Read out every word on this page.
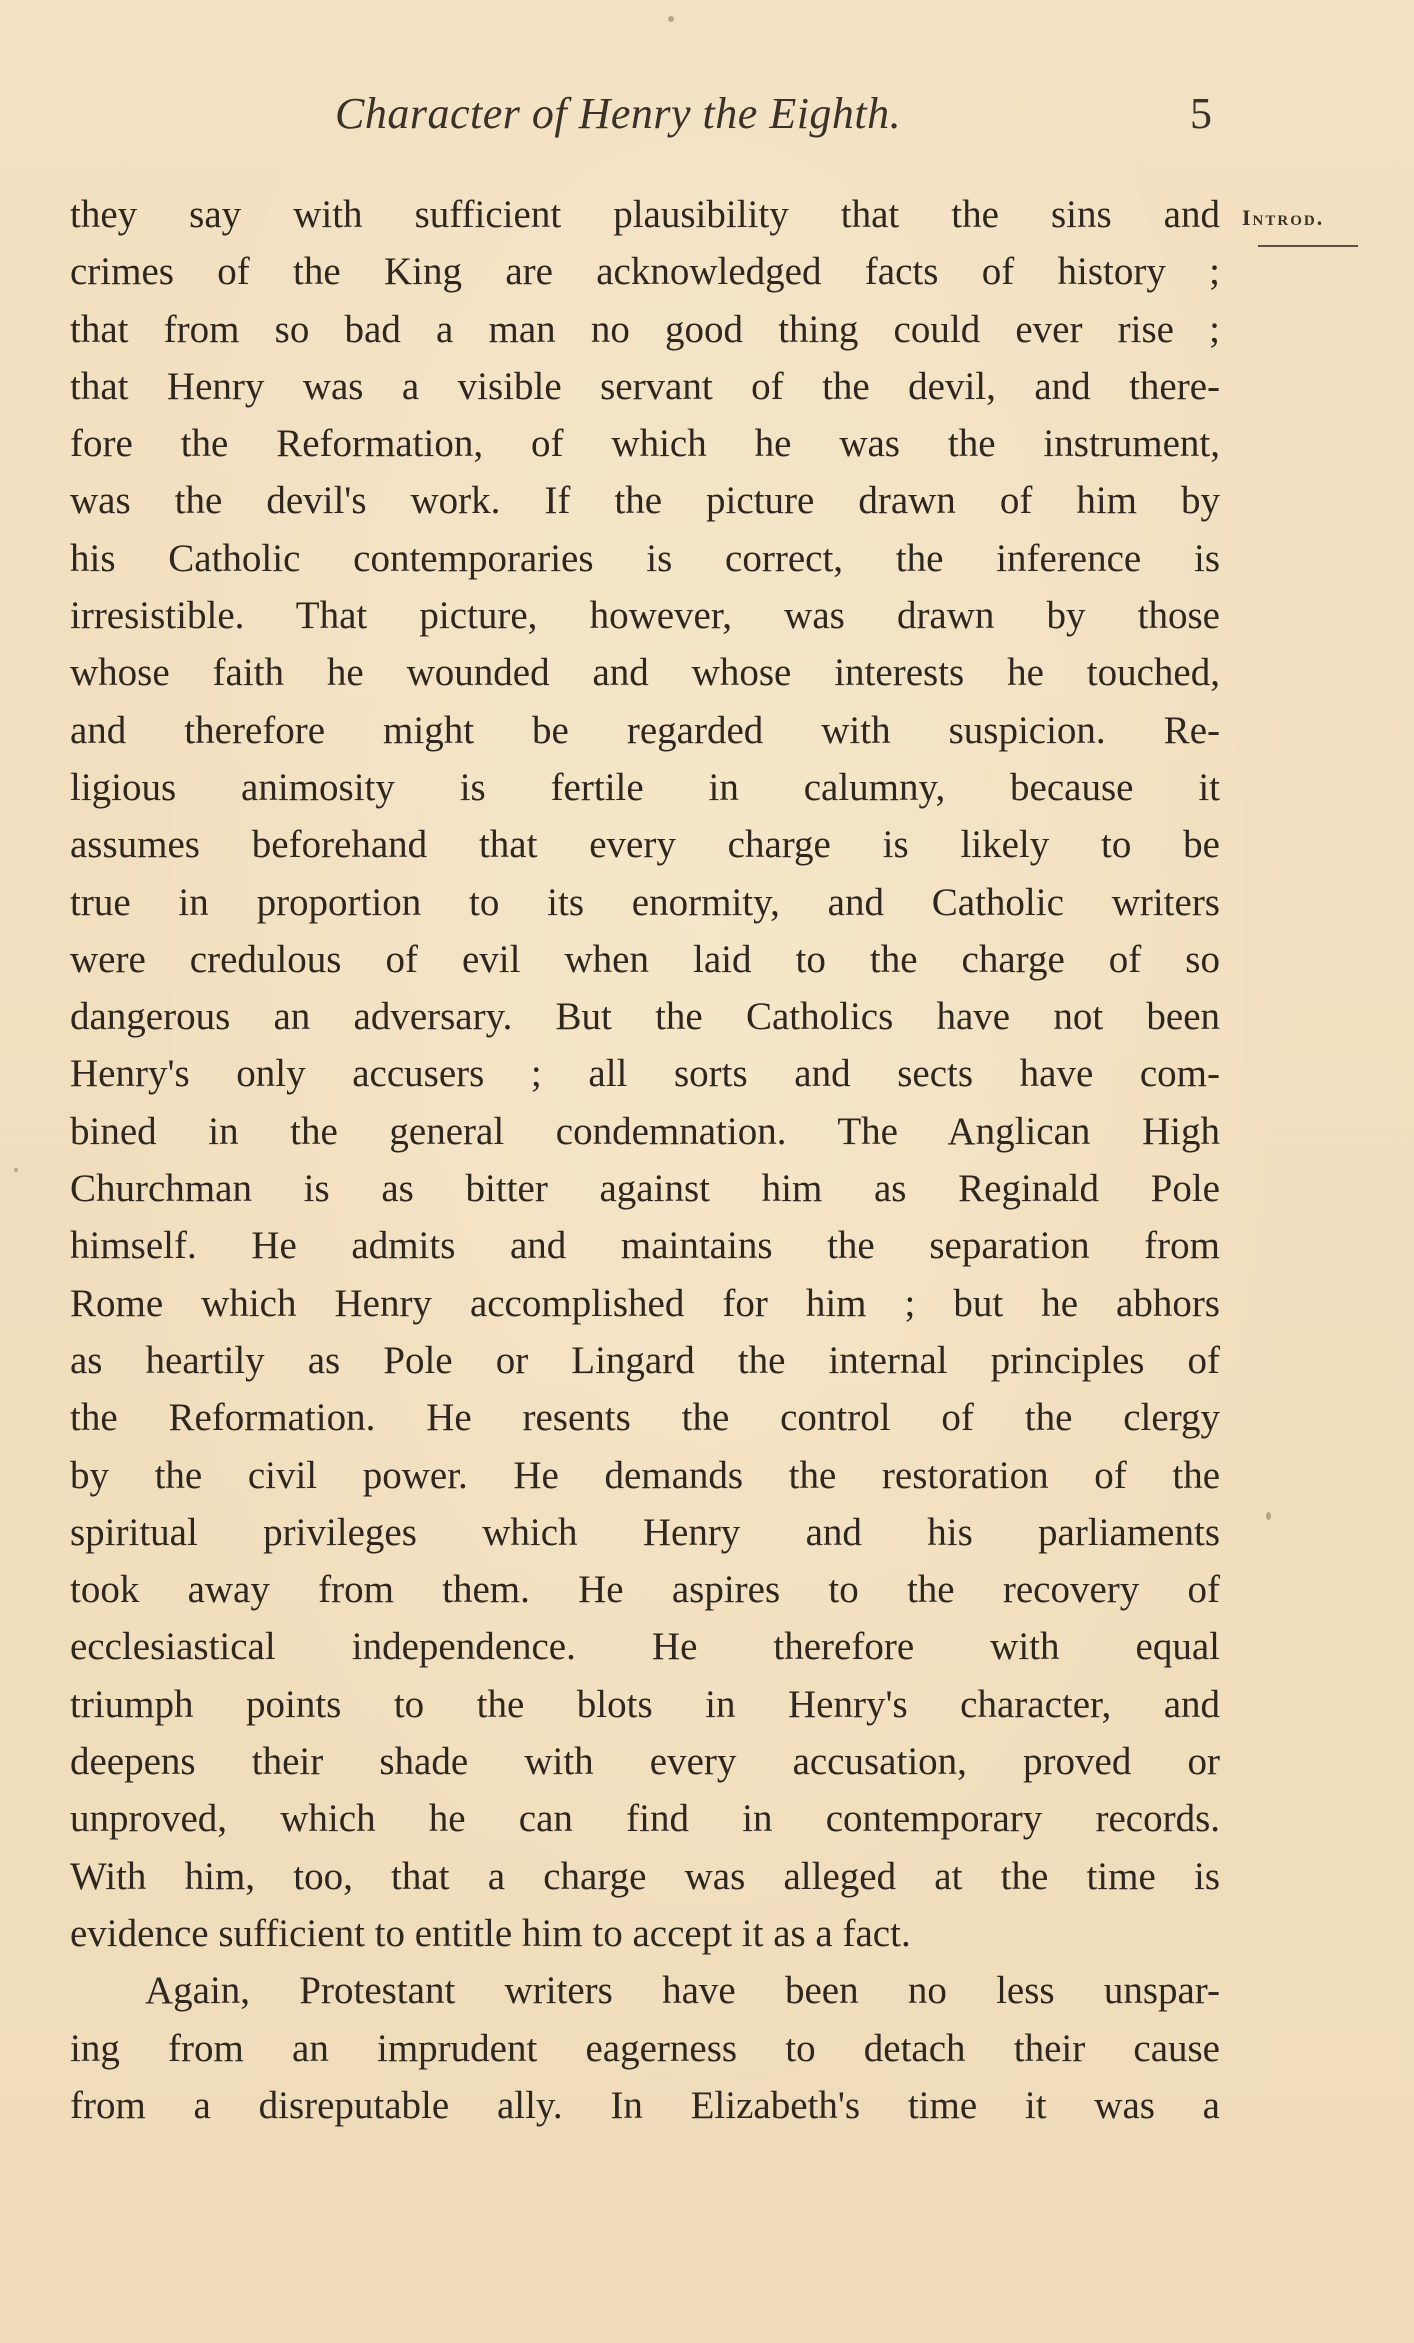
Character of Henry the Eighth.	5
Introd.
they say with sufficient plausibility that the sins and
crimes of the King are acknowledged facts of history ;
that from so bad a man no good thing could ever rise ;
that Henry was a visible servant of the devil, and there-
fore the Reformation, of which he was the instrument,
was the devil's work. If the picture drawn of him by
his Catholic contemporaries is correct, the inference is
irresistible. That picture, however, was drawn by those
whose faith he wounded and whose interests he touched,
and therefore might be regarded with suspicion. Re-
ligious animosity is fertile in calumny, because it
assumes beforehand that every charge is likely to be
true in proportion to its enormity, and Catholic writers
were credulous of evil when laid to the charge of so
dangerous an adversary. But the Catholics have not been
Henry's only accusers ; all sorts and sects have com-
bined in the general condemnation. The Anglican High
Churchman is as bitter against him as Reginald Pole
himself. He admits and maintains the separation from
Rome which Henry accomplished for him ; but he abhors
as heartily as Pole or Lingard the internal principles of
the Reformation. He resents the control of the clergy
by the civil power. He demands the restoration of the
spiritual privileges which Henry and his parliaments
took away from them. He aspires to the recovery of
ecclesiastical independence. He therefore with equal
triumph points to the blots in Henry's character, and
deepens their shade with every accusation, proved or
unproved, which he can find in contemporary records.
With him, too, that a charge was alleged at the time is
evidence sufficient to entitle him to accept it as a fact.
Again, Protestant writers have been no less unspar-
ing from an imprudent eagerness to detach their cause
from a disreputable ally. In Elizabeth's time it was a
